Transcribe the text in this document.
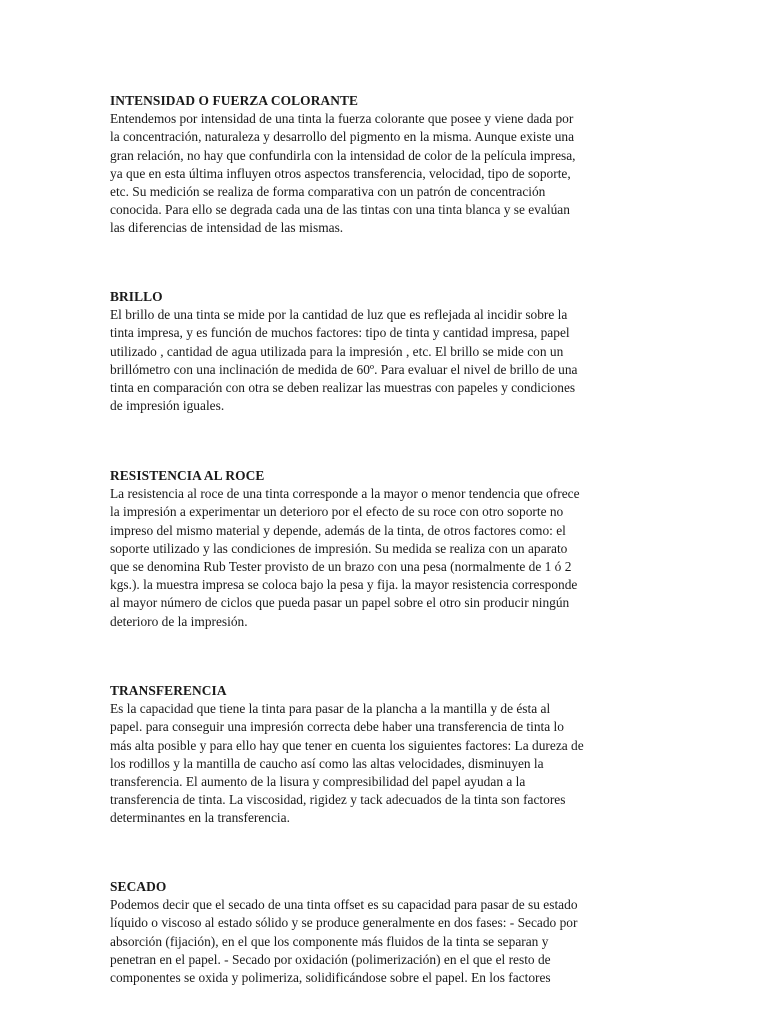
INTENSIDAD O FUERZA COLORANTE

Entendemos por intensidad de una tinta la fuerza colorante que posee y viene dada por
la concentración, naturaleza y desarrollo del pigmento en la misma. Aunque existe una
gran relación, no hay que confundirla con la intensidad de color de la película impresa,
ya que en esta última influyen otros aspectos transferencia, velocidad, tipo de soporte,
etc. Su medición se realiza de forma comparativa con un patrón de concentración
conocida. Para ello se degrada cada una de las tintas con una tinta blanca y se evalúan
las diferencias de intensidad de las mismas.

BRILLO

El brillo de una tinta se mide por la cantidad de luz que es reflejada al incidir sobre la
tinta impresa, y es función de muchos factores: tipo de tinta y cantidad impresa, papel
utilizado , cantidad de agua utilizada para la impresión , etc. El brillo se mide con un
brillómetro con una inclinación de medida de 60º. Para evaluar el nivel de brillo de una
tinta en comparación con otra se deben realizar las muestras con papeles y condiciones
de impresión iguales.

RESISTENCIA AL ROCE

La resistencia al roce de una tinta corresponde a la mayor o menor tendencia que ofrece
la impresión a experimentar un deterioro por el efecto de su roce con otro soporte no
impreso del mismo material y depende, además de la tinta, de otros factores como: el
soporte utilizado y las condiciones de impresión. Su medida se realiza con un aparato
que se denomina Rub Tester provisto de un brazo con una pesa (normalmente de 1 ó 2
kgs.). la muestra impresa se coloca bajo la pesa y fija. la mayor resistencia corresponde
al mayor número de ciclos que pueda pasar un papel sobre el otro sin producir ningún
deterioro de la impresión.

TRANSFERENCIA

Es la capacidad que tiene la tinta para pasar de la plancha a la mantilla y de ésta al
papel. para conseguir una impresión correcta debe haber una transferencia de tinta lo
más alta posible y para ello hay que tener en cuenta los siguientes factores: La dureza de
los rodillos y la mantilla de caucho así como las altas velocidades, disminuyen la
transferencia. El aumento de la lisura y compresibilidad del papel ayudan a la
transferencia de tinta. La viscosidad, rigidez y tack adecuados de la tinta son factores
determinantes en la transferencia.

SECADO

Podemos decir que el secado de una tinta offset es su capacidad para pasar de su estado
líquido o viscoso al estado sólido y se produce generalmente en dos fases: - Secado por
absorción (fijación), en el que los componente más fluidos de la tinta se separan y
penetran en el papel. - Secado por oxidación (polimerización) en el que el resto de
componentes se oxida y polimeriza, solidificándose sobre el papel. En los factores
